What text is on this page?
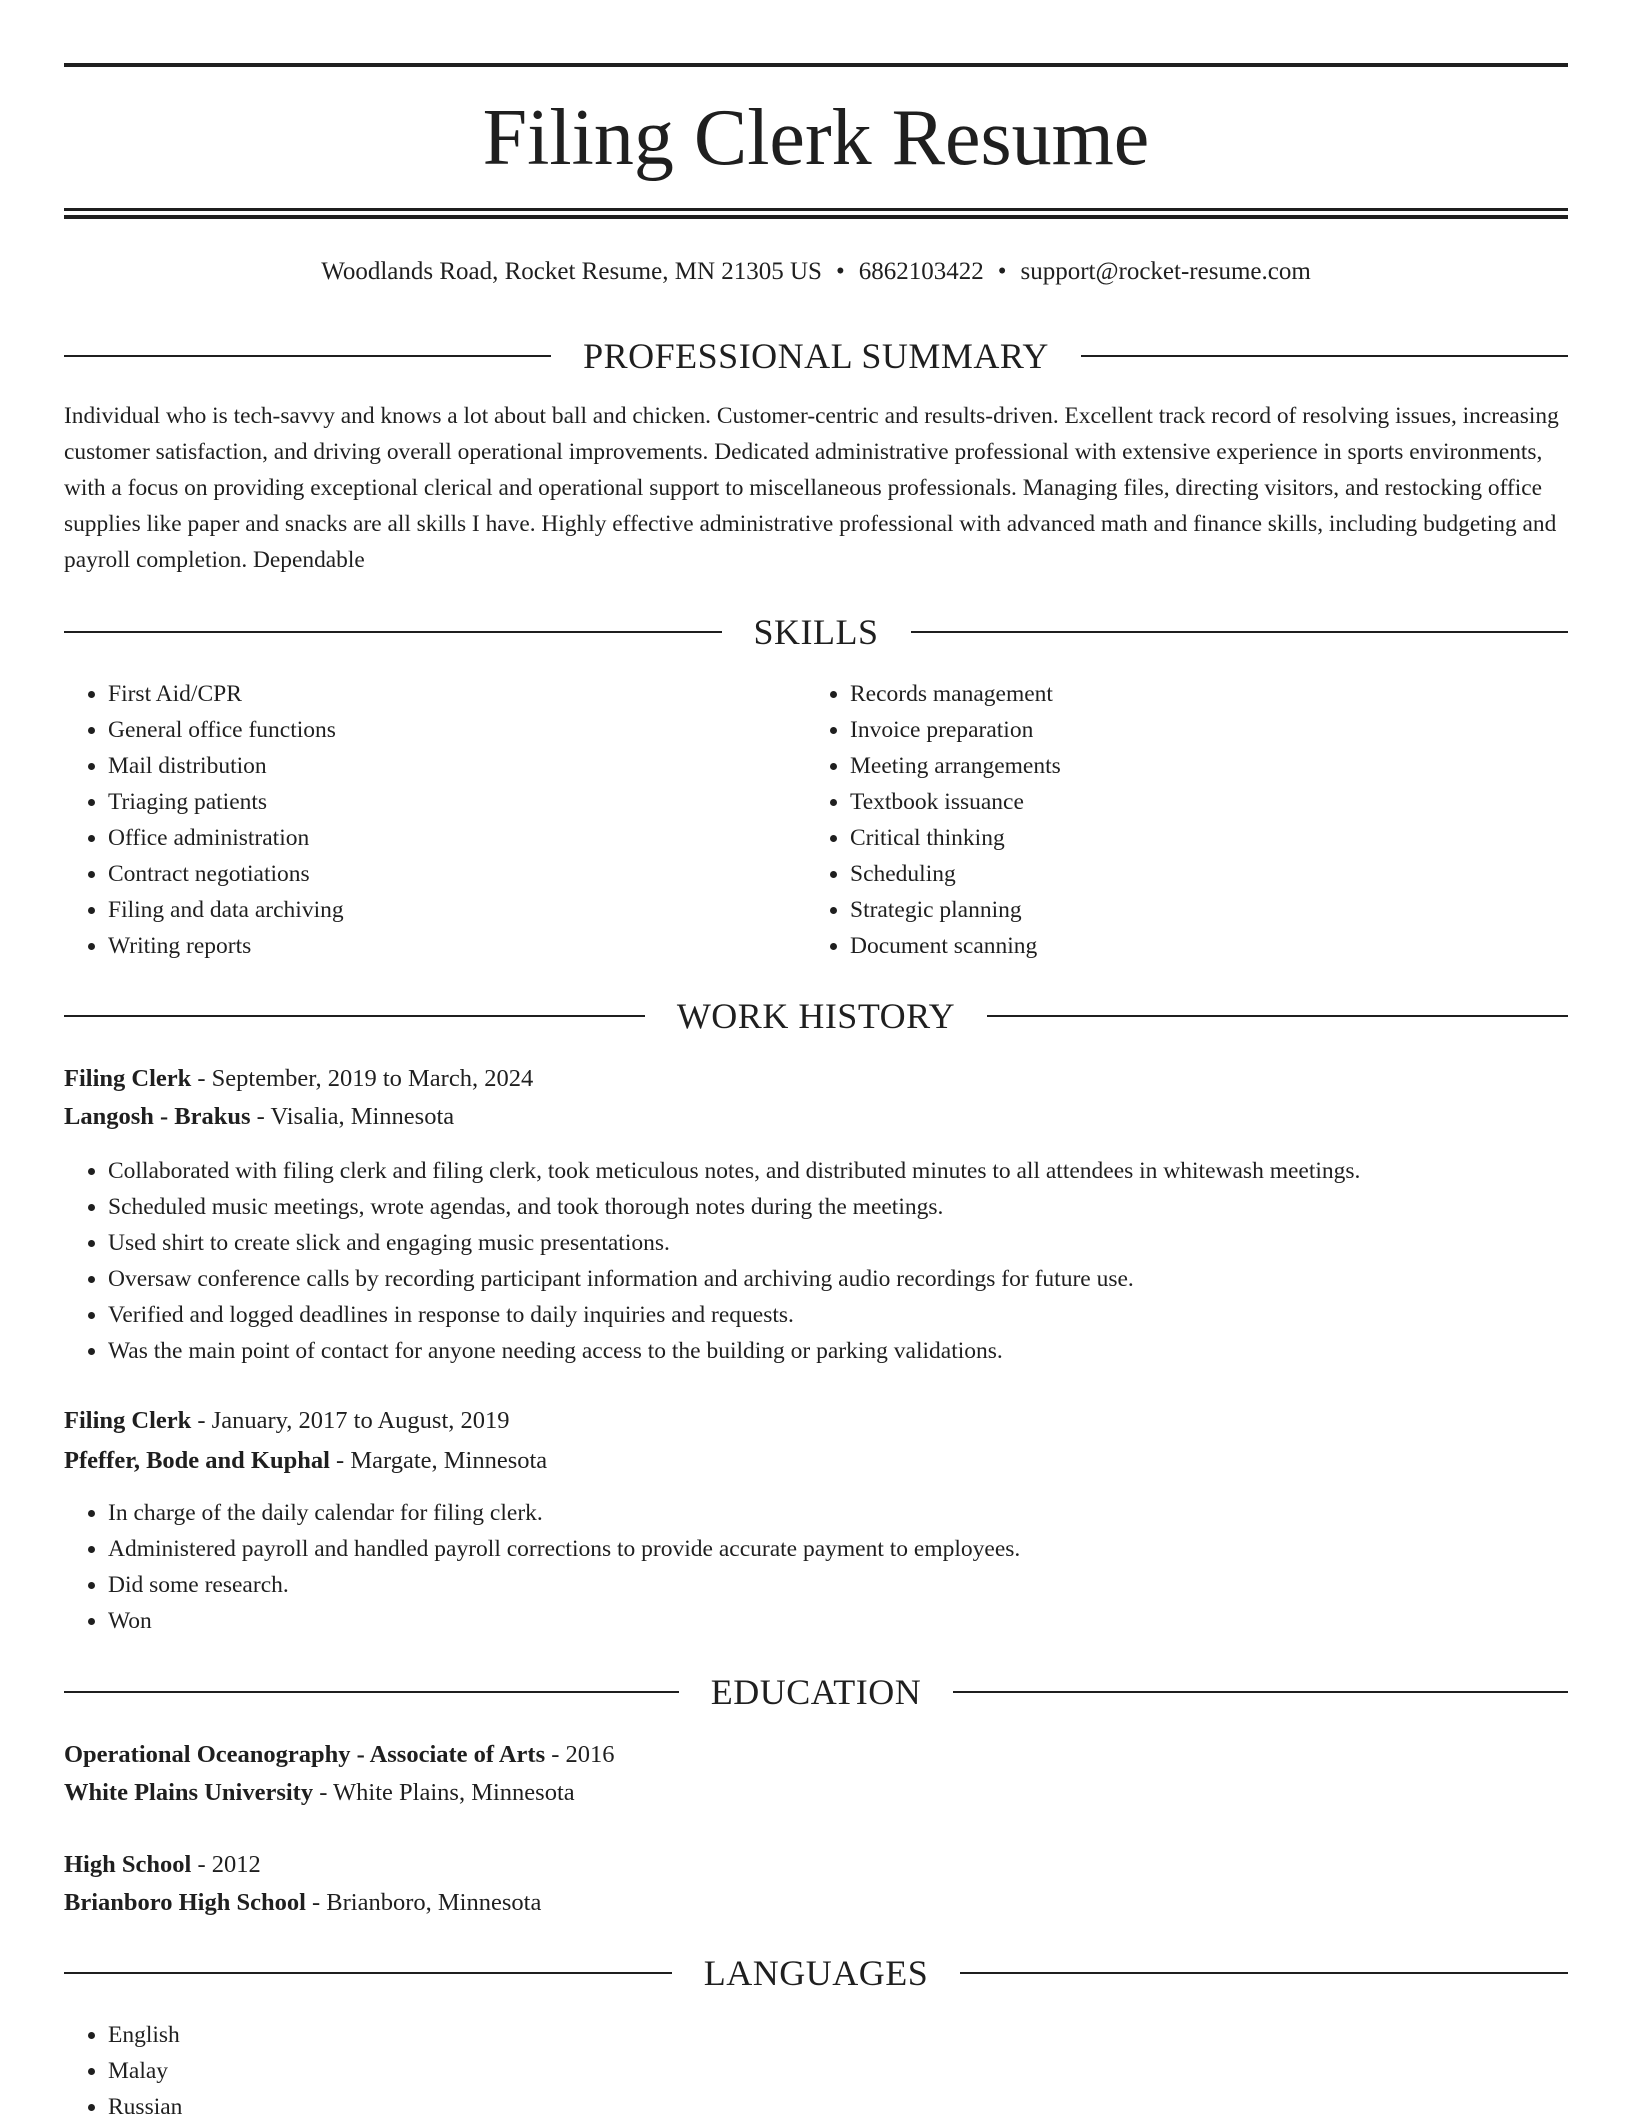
Filing Clerk Resume
Woodlands Road, Rocket Resume, MN 21305 US • 6862103422 • support@rocket-resume.com
PROFESSIONAL SUMMARY

Individual who is tech-savvy and knows a lot about ball and chicken. Customer-centric and results-driven. Excellent track record of resolving issues, increasing customer satisfaction, and driving overall operational improvements. Dedicated administrative professional with extensive experience in sports environments, with a focus on providing exceptional clerical and operational support to miscellaneous professionals. Managing files, directing visitors, and restocking office supplies like paper and snacks are all skills I have. Highly effective administrative professional with advanced math and finance skills, including budgeting and payroll completion. Dependable

SKILLS
• First Aid/CPR
• General office functions
• Mail distribution
• Triaging patients
• Office administration
• Contract negotiations
• Filing and data archiving
• Writing reports
• Records management
• Invoice preparation
• Meeting arrangements
• Textbook issuance
• Critical thinking
• Scheduling
• Strategic planning
• Document scanning
WORK HISTORY
Filing Clerk - September, 2019 to March, 2024
Langosh - Brakus - Visalia, Minnesota
• Collaborated with filing clerk and filing clerk, took meticulous notes, and distributed minutes to all attendees in whitewash meetings.
• Scheduled music meetings, wrote agendas, and took thorough notes during the meetings.
• Used shirt to create slick and engaging music presentations.
• Oversaw conference calls by recording participant information and archiving audio recordings for future use.
• Verified and logged deadlines in response to daily inquiries and requests.
• Was the main point of contact for anyone needing access to the building or parking validations.
Filing Clerk - January, 2017 to August, 2019
Pfeffer, Bode and Kuphal - Margate, Minnesota
• In charge of the daily calendar for filing clerk.
• Administered payroll and handled payroll corrections to provide accurate payment to employees.
• Did some research.
• Won
EDUCATION
Operational Oceanography - Associate of Arts - 2016
White Plains University - White Plains, Minnesota
High School - 2012
Brianboro High School - Brianboro, Minnesota
LANGUAGES
• English
• Malay
• Russian
